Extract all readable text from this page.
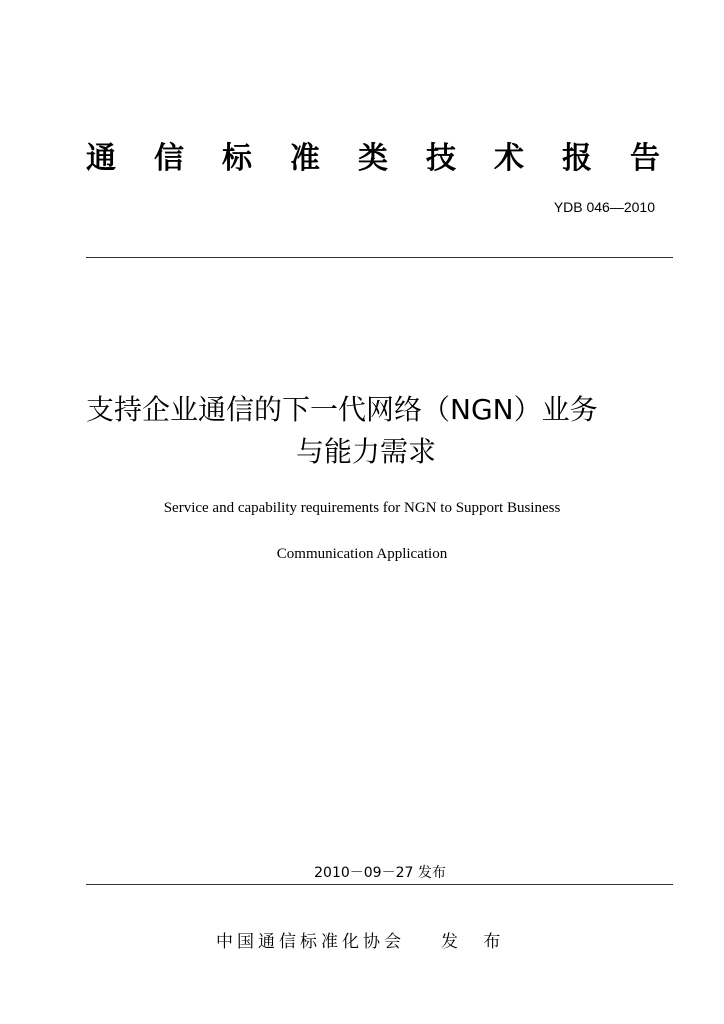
通 信 标 准 类 技 术 报 告
YDB 046—2010
支持企业通信的下一代网络（NGN）业务
与能力需求
Service and capability requirements for NGN to Support Business
Communication Application
2010－09－27 发布
中国通信标准化协会 发 布
